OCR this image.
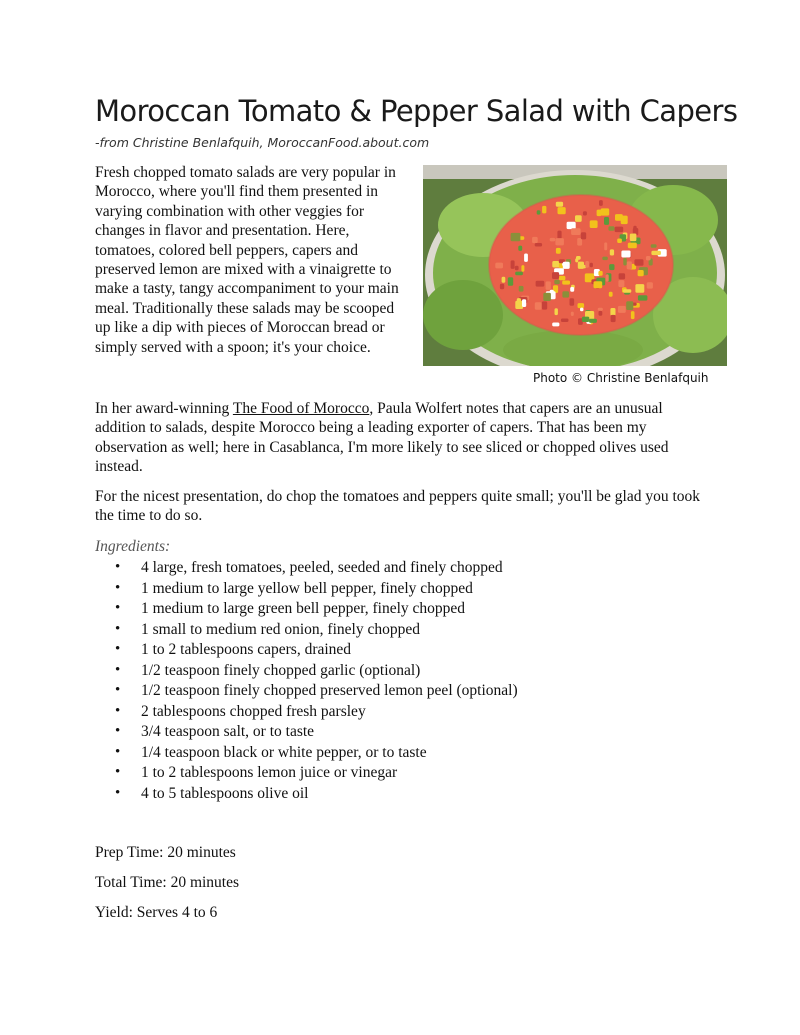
Moroccan Tomato & Pepper Salad with Capers

-from Christine Benlafquih, MoroccanFood.about.com

Fresh chopped tomato salads are very popular in Morocco, where you'll find them presented in varying combination with other veggies for changes in flavor and presentation. Here, tomatoes, colored bell peppers, capers and preserved lemon are mixed with a vinaigrette to make a tasty, tangy accompaniment to your main meal. Traditionally these salads may be scooped up like a dip with pieces of Moroccan bread or simply served with a spoon; it's your choice.

Photo © Christine Benlafquih

In her award-winning The Food of Morocco, Paula Wolfert notes that capers are an unusual addition to salads, despite Morocco being a leading exporter of capers. That has been my observation as well; here in Casablanca, I'm more likely to see sliced or chopped olives used instead.

For the nicest presentation, do chop the tomatoes and peppers quite small; you'll be glad you took the time to do so.

Ingredients:

• 4 large, fresh tomatoes, peeled, seeded and finely chopped
• 1 medium to large yellow bell pepper, finely chopped
• 1 medium to large green bell pepper, finely chopped
• 1 small to medium red onion, finely chopped
• 1 to 2 tablespoons capers, drained
• 1/2 teaspoon finely chopped garlic (optional)
• 1/2 teaspoon finely chopped preserved lemon peel (optional)
• 2 tablespoons chopped fresh parsley
• 3/4 teaspoon salt, or to taste
• 1/4 teaspoon black or white pepper, or to taste
• 1 to 2 tablespoons lemon juice or vinegar
• 4 to 5 tablespoons olive oil

Prep Time: 20 minutes

Total Time: 20 minutes

Yield: Serves 4 to 6
